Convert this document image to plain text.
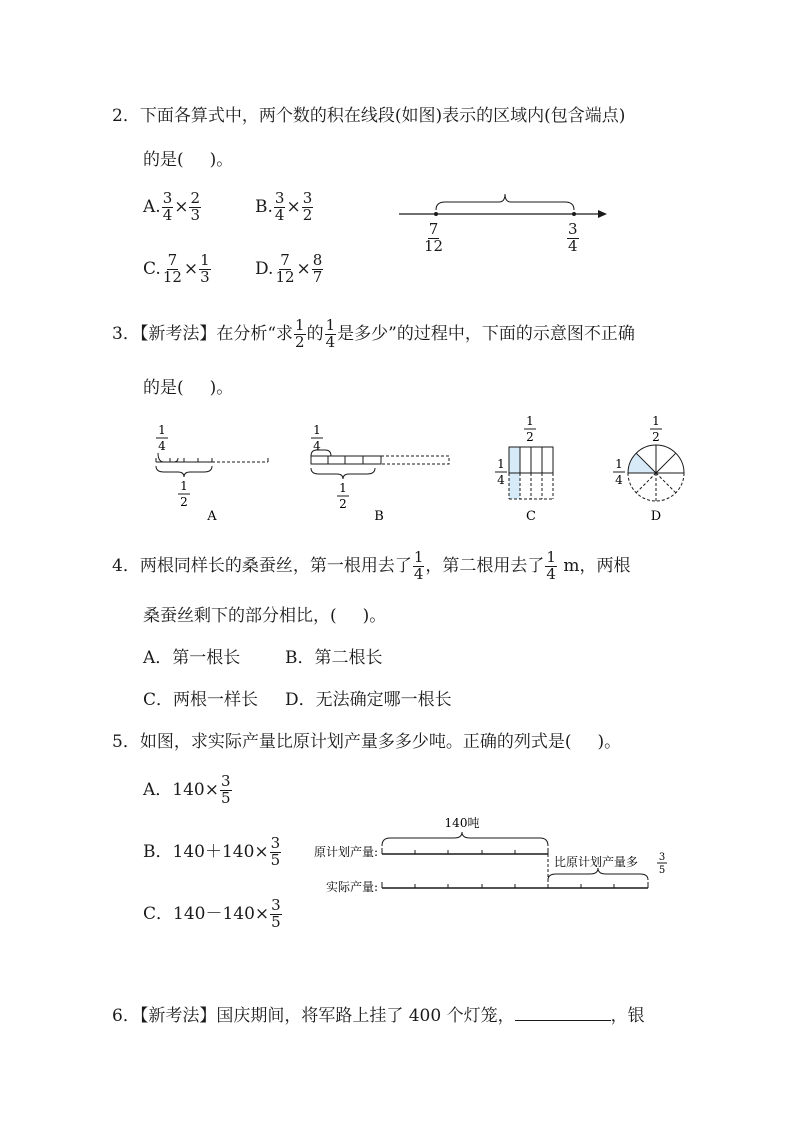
2．下面各算式中，两个数的积在线段(如图)表示的区域内(包含端点)
的是( )。
A. $\frac{3}{4} \times \frac{2}{3}$	B. $\frac{3}{4} \times \frac{3}{2}$
C. $\frac{7}{12} \times \frac{1}{3}$	D. $\frac{7}{12} \times \frac{8}{7}$
$\frac{7}{12}$	$\frac{3}{4}$
3．【新考法】在分析“求 $\frac{1}{2}$ 的 $\frac{1}{4}$ 是多少”的过程中，下面的示意图不正确
的是( )。
1
4
1
2
A
1
4
1
2
B
1
2
1
4
C
1
2
1
4
D
4．两根同样长的桑蚕丝，第一根用去了 $\frac{1}{4}$ ，第二根用去了 $\frac{1}{4}$ m，两根
桑蚕丝剩下的部分相比，( )。
A．第一根长	B．第二根长
C．两根一样长 D．无法确定哪一根长
5．如图，求实际产量比原计划产量多多少吨。正确的列式是( )。
A．$140\times \frac{3}{5}$
B．$140+140\times \frac{3}{5}$
C．$140-140\times \frac{3}{5}$
140吨
原计划产量:
比原计划产量多 3
5
实际产量:
6．【新考法】国庆期间，将军路上挂了 400 个灯笼，	，银
